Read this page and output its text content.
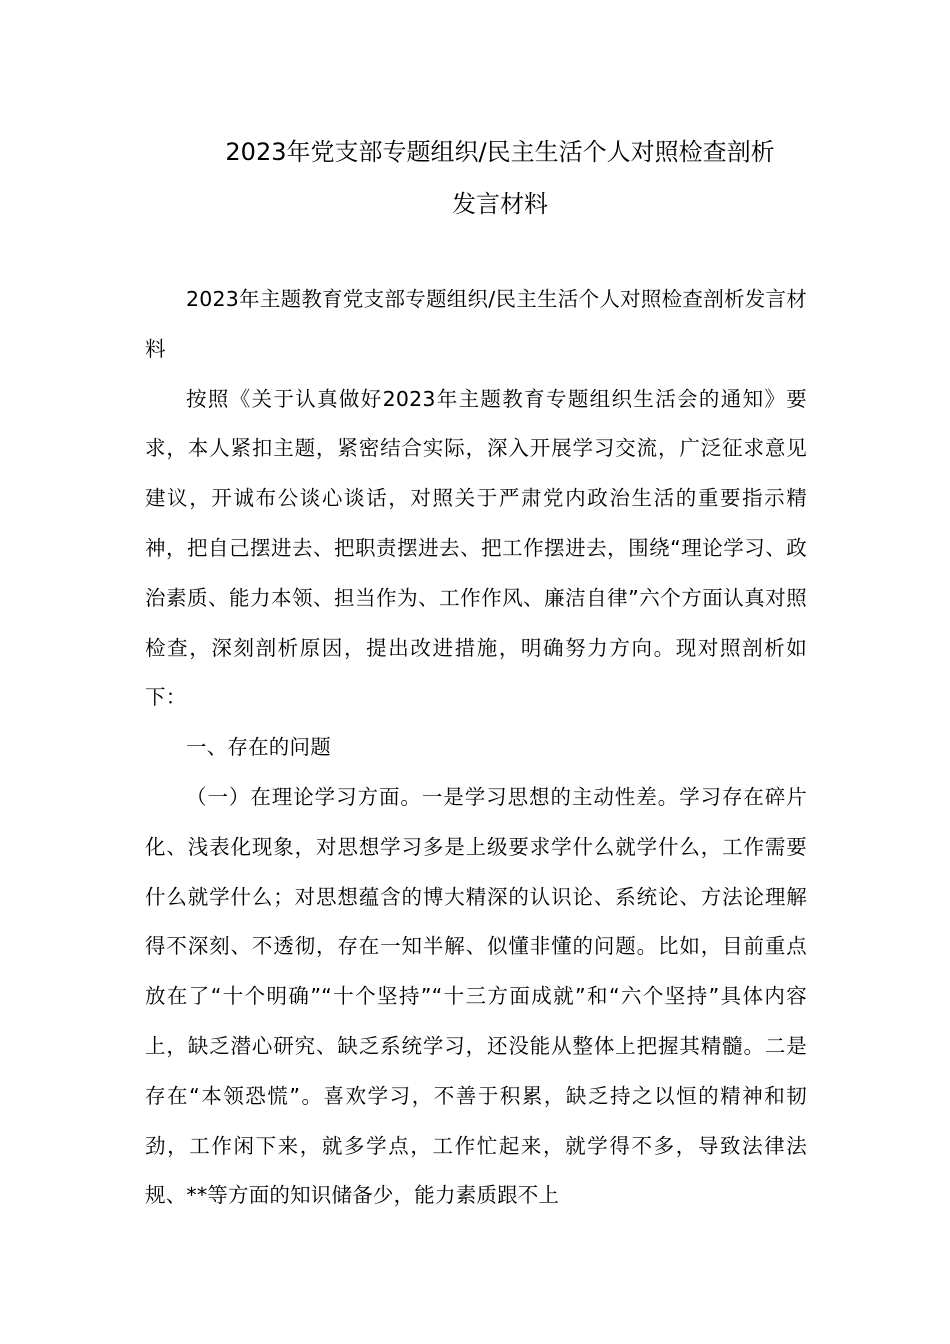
2023年党支部专题组织/民主生活个人对照检查剖析
发言材料

2023年主题教育党支部专题组织/民主生活个人对照检查剖析发言材料

按照《关于认真做好2023年主题教育专题组织生活会的通知》要求，本人紧扣主题，紧密结合实际，深入开展学习交流，广泛征求意见建议，开诚布公谈心谈话，对照关于严肃党内政治生活的重要指示精神，把自己摆进去、把职责摆进去、把工作摆进去，围绕“理论学习、政治素质、能力本领、担当作为、工作作风、廉洁自律”六个方面认真对照检查，深刻剖析原因，提出改进措施，明确努力方向。现对照剖析如下：

一、存在的问题

（一）在理论学习方面。一是学习思想的主动性差。学习存在碎片化、浅表化现象，对思想学习多是上级要求学什么就学什么，工作需要什么就学什么；对思想蕴含的博大精深的认识论、系统论、方法论理解得不深刻、不透彻，存在一知半解、似懂非懂的问题。比如，目前重点放在了“十个明确”“十个坚持”“十三方面成就”和“六个坚持”具体内容上，缺乏潜心研究、缺乏系统学习，还没能从整体上把握其精髓。二是存在“本领恐慌”。喜欢学习，不善于积累，缺乏持之以恒的精神和韧劲，工作闲下来，就多学点，工作忙起来，就学得不多，导致法律法规、**等方面的知识储备少，能力素质跟不上
